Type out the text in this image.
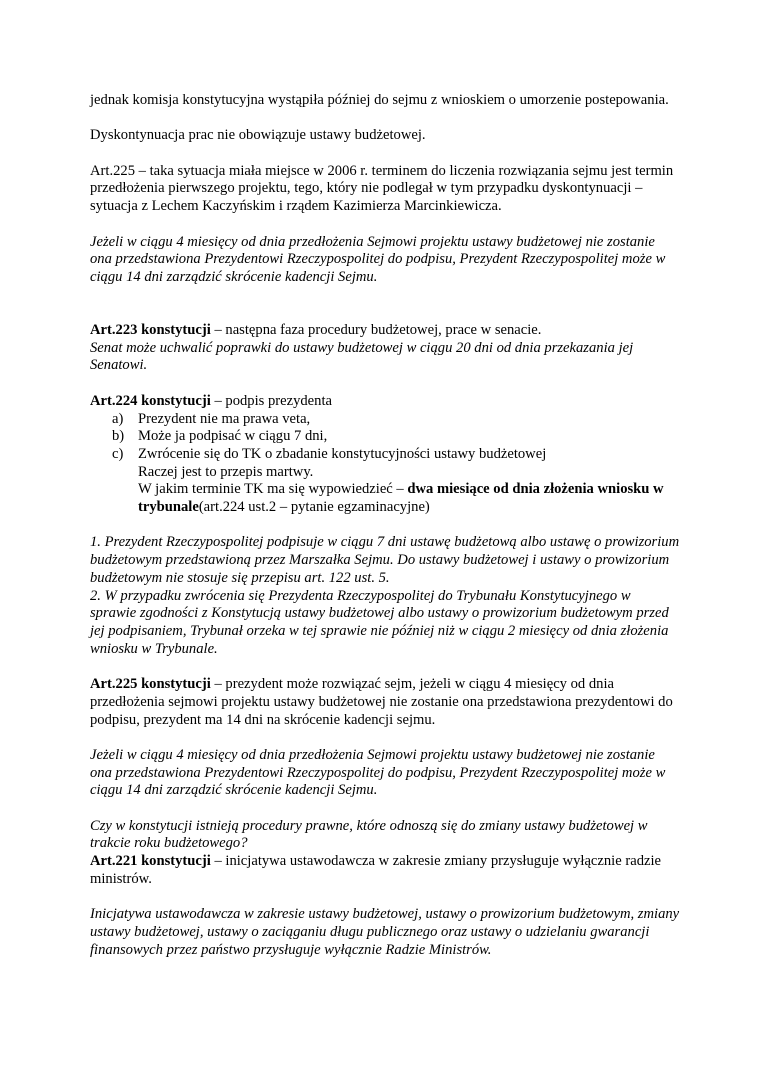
jednak komisja konstytucyjna wystąpiła później do sejmu z wnioskiem o umorzenie postepowania.

Dyskontynuacja prac nie obowiązuje ustawy budżetowej.

Art.225 – taka sytuacja miała miejsce w 2006 r. terminem do liczenia rozwiązania sejmu jest termin przedłożenia pierwszego projektu, tego, który nie podlegał w tym przypadku dyskontynuacji – sytuacja z Lechem Kaczyńskim i rządem Kazimierza Marcinkiewicza.

Jeżeli w ciągu 4 miesięcy od dnia przedłożenia Sejmowi projektu ustawy budżetowej nie zostanie ona przedstawiona Prezydentowi Rzeczypospolitej do podpisu, Prezydent Rzeczypospolitej może w ciągu 14 dni zarządzić skrócenie kadencji Sejmu.

Art.223 konstytucji – następna faza procedury budżetowej, prace w senacie.

Senat może uchwalić poprawki do ustawy budżetowej w ciągu 20 dni od dnia przekazania jej Senatowi.

Art.224 konstytucji – podpis prezydenta

a) Prezydent nie ma prawa veta,
b) Może ja podpisać w ciągu 7 dni,
c) Zwrócenie się do TK o zbadanie konstytucyjności ustawy budżetowej

Raczej jest to przepis martwy.

W jakim terminie TK ma się wypowiedzieć – dwa miesiące od dnia złożenia wniosku w trybunale(art.224 ust.2 – pytanie egzaminacyjne)

1. Prezydent Rzeczypospolitej podpisuje w ciągu 7 dni ustawę budżetową albo ustawę o prowizorium budżetowym przedstawioną przez Marszałka Sejmu. Do ustawy budżetowej i ustawy o prowizorium budżetowym nie stosuje się przepisu art. 122 ust. 5.

2. W przypadku zwrócenia się Prezydenta Rzeczypospolitej do Trybunału Konstytucyjnego w sprawie zgodności z Konstytucją ustawy budżetowej albo ustawy o prowizorium budżetowym przed jej podpisaniem, Trybunał orzeka w tej sprawie nie później niż w ciągu 2 miesięcy od dnia złożenia wniosku w Trybunale.

Art.225 konstytucji – prezydent może rozwiązać sejm, jeżeli w ciągu 4 miesięcy od dnia przedłożenia sejmowi projektu ustawy budżetowej nie zostanie ona przedstawiona prezydentowi do podpisu, prezydent ma 14 dni na skrócenie kadencji sejmu.

Jeżeli w ciągu 4 miesięcy od dnia przedłożenia Sejmowi projektu ustawy budżetowej nie zostanie ona przedstawiona Prezydentowi Rzeczypospolitej do podpisu, Prezydent Rzeczypospolitej może w ciągu 14 dni zarządzić skrócenie kadencji Sejmu.

Czy w konstytucji istnieją procedury prawne, które odnoszą się do zmiany ustawy budżetowej w trakcie roku budżetowego?

Art.221 konstytucji – inicjatywa ustawodawcza w zakresie zmiany przysługuje wyłącznie radzie ministrów.

Inicjatywa ustawodawcza w zakresie ustawy budżetowej, ustawy o prowizorium budżetowym, zmiany ustawy budżetowej, ustawy o zaciąganiu długu publicznego oraz ustawy o udzielaniu gwarancji finansowych przez państwo przysługuje wyłącznie Radzie Ministrów.
